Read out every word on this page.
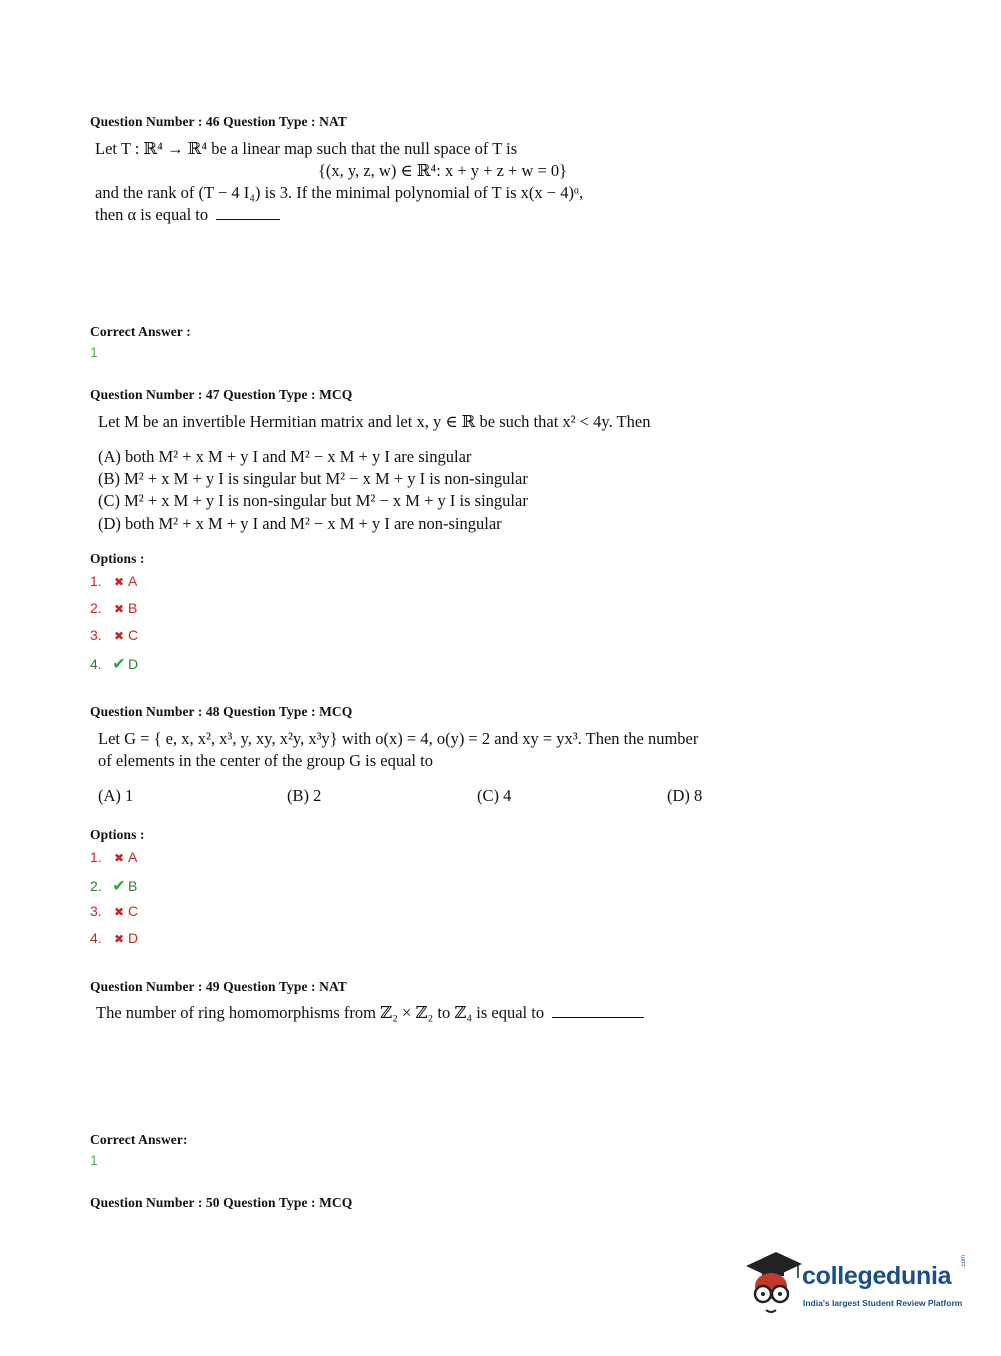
Question Number : 46 Question Type : NAT
Let T : ℝ⁴ → ℝ⁴ be a linear map such that the null space of T is
{(x, y, z, w) ∈ ℝ⁴: x + y + z + w = 0}
and the rank of (T − 4 I₄) is 3. If the minimal polynomial of T is x(x − 4)ᵅ,
then α is equal to
Correct Answer :
1
Question Number : 47 Question Type : MCQ
Let M be an invertible Hermitian matrix and let x, y ∈ ℝ be such that x² < 4y. Then
(A) both M² + x M + y I and M² − x M + y I are singular
(B) M² + x M + y I is singular but M² − x M + y I is non-singular
(C) M² + x M + y I is non-singular but M² − x M + y I is singular
(D) both M² + x M + y I and M² − x M + y I are non-singular
Options :
1. ✖ A
2. ✖ B
3. ✖ C
4. ✔ D
Question Number : 48 Question Type : MCQ
Let G = { e, x, x², x³, y, xy, x²y, x³y} with o(x) = 4, o(y) = 2 and xy = yx³. Then the number
of elements in the center of the group G is equal to
(A) 1	(B) 2	(C) 4	(D) 8
Options :
1. ✖ A
2. ✔ B
3. ✖ C
4. ✖ D
Question Number : 49 Question Type : NAT
The number of ring homomorphisms from ℤ₂ × ℤ₂ to ℤ₄ is equal to
Correct Answer:
1
Question Number : 50 Question Type : MCQ
collegedunia
.com
India's largest Student Review Platform
